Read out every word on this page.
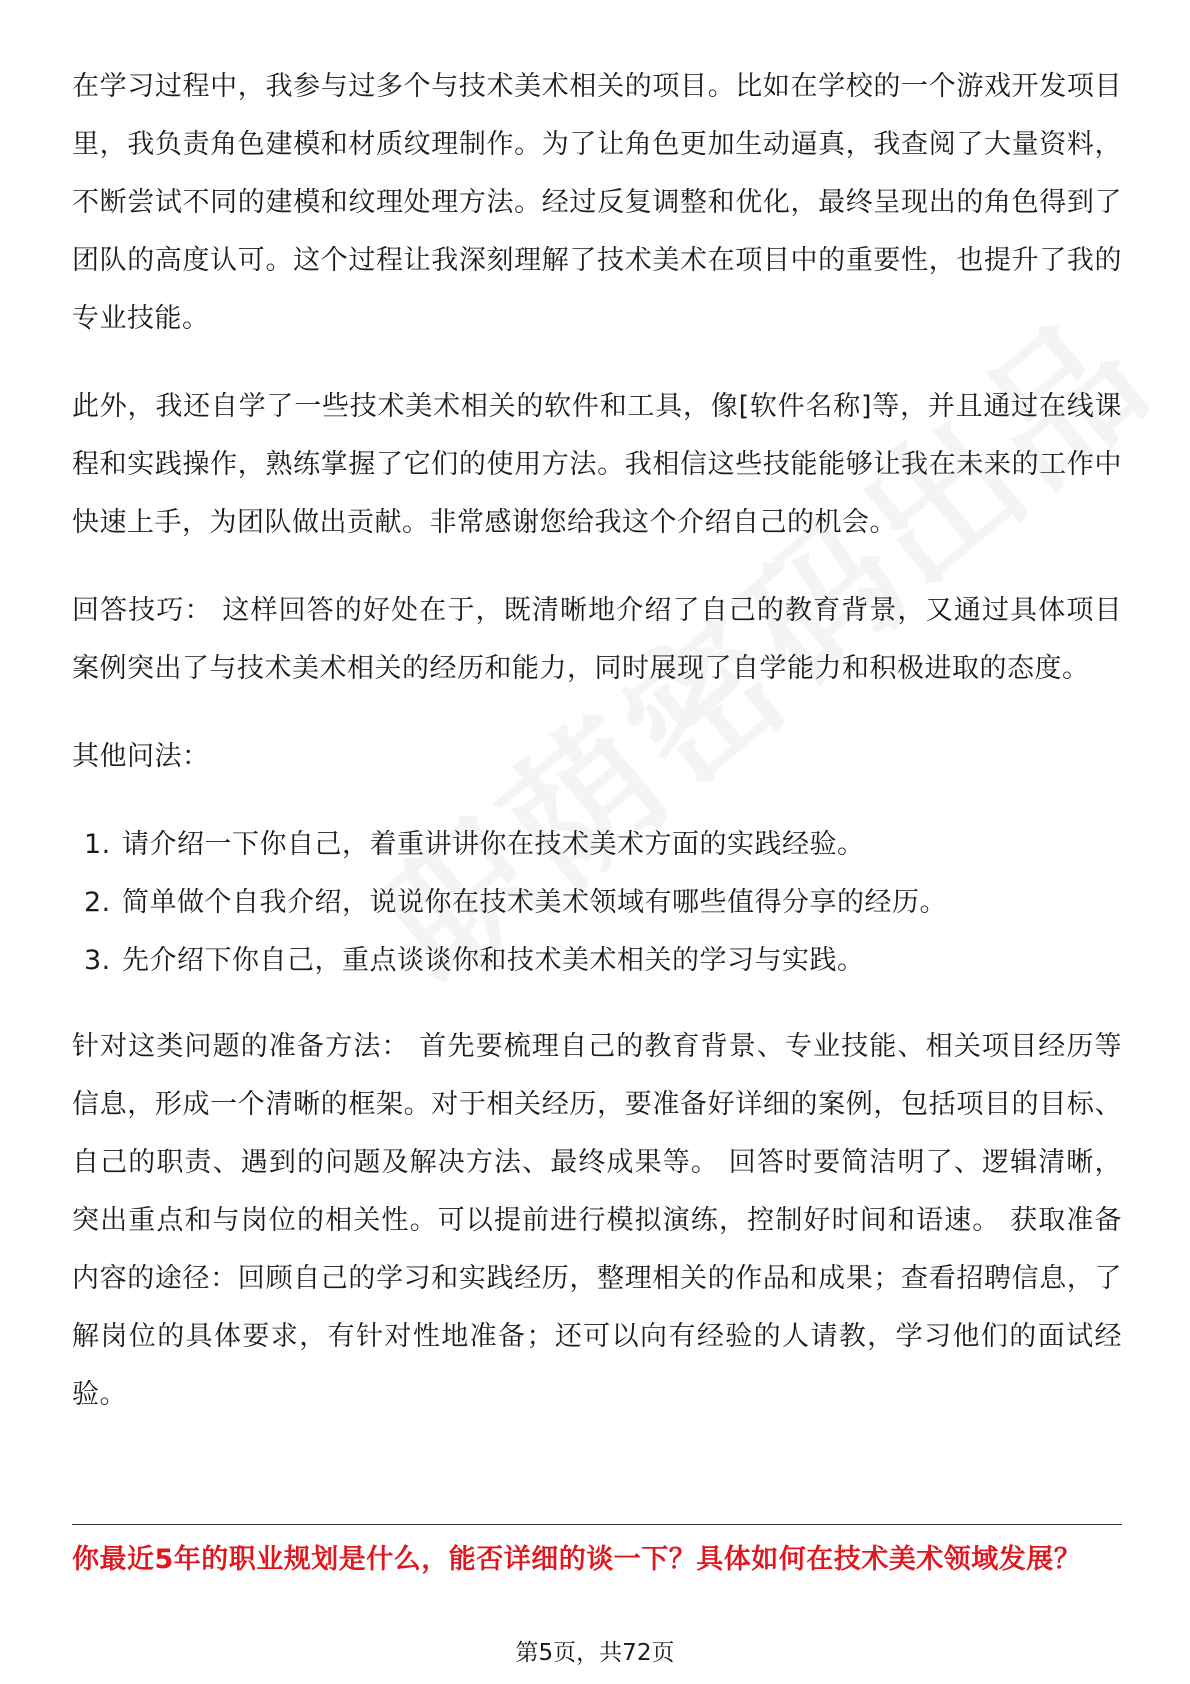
在学习过程中，我参与过多个与技术美术相关的项目。比如在学校的一个游戏开发项目里，我负责角色建模和材质纹理制作。为了让角色更加生动逼真，我查阅了大量资料，不断尝试不同的建模和纹理处理方法。经过反复调整和优化，最终呈现出的角色得到了团队的高度认可。这个过程让我深刻理解了技术美术在项目中的重要性，也提升了我的专业技能。

此外，我还自学了一些技术美术相关的软件和工具，像[软件名称]等，并且通过在线课程和实践操作，熟练掌握了它们的使用方法。我相信这些技能能够让我在未来的工作中快速上手，为团队做出贡献。非常感谢您给我这个介绍自己的机会。

回答技巧： 这样回答的好处在于，既清晰地介绍了自己的教育背景，又通过具体项目案例突出了与技术美术相关的经历和能力，同时展现了自学能力和积极进取的态度。

其他问法：

1. 请介绍一下你自己，着重讲讲你在技术美术方面的实践经验。
2. 简单做个自我介绍，说说你在技术美术领域有哪些值得分享的经历。
3. 先介绍下你自己，重点谈谈你和技术美术相关的学习与实践。

针对这类问题的准备方法： 首先要梳理自己的教育背景、专业技能、相关项目经历等信息，形成一个清晰的框架。对于相关经历，要准备好详细的案例，包括项目的目标、自己的职责、遇到的问题及解决方法、最终成果等。 回答时要简洁明了、逻辑清晰，突出重点和与岗位的相关性。可以提前进行模拟演练，控制好时间和语速。 获取准备内容的途径：回顾自己的学习和实践经历，整理相关的作品和成果；查看招聘信息，了解岗位的具体要求，有针对性地准备；还可以向有经验的人请教，学习他们的面试经验。

你最近5年的职业规划是什么，能否详细的谈一下？具体如何在技术美术领域发展？

第5页，共72页
